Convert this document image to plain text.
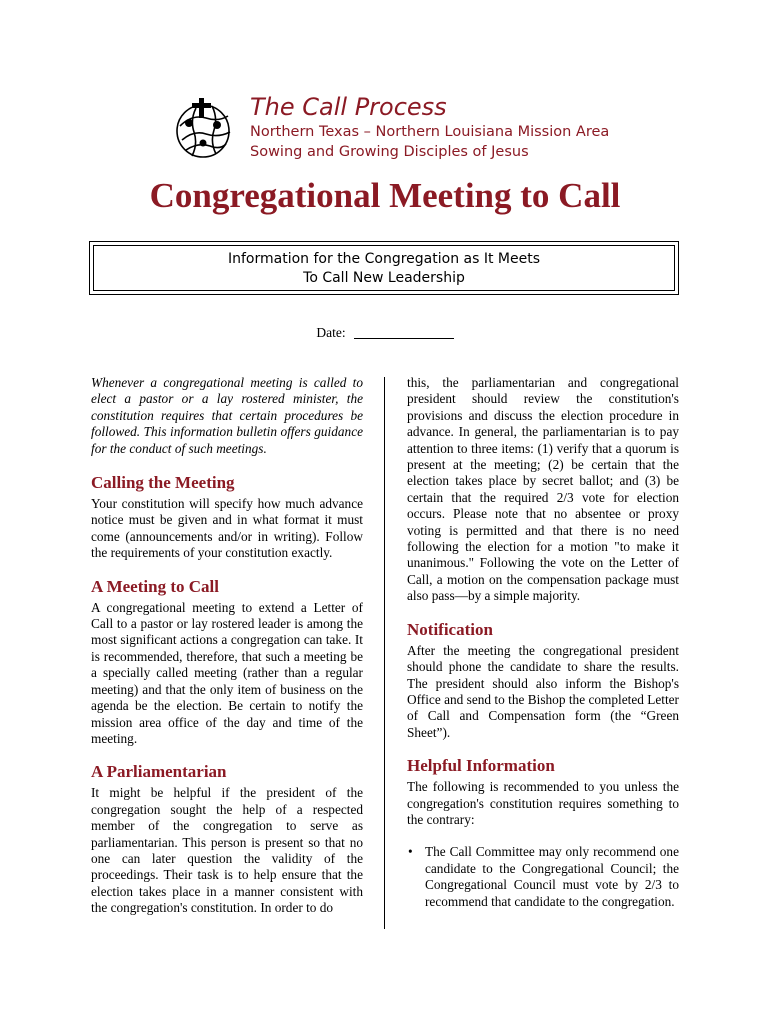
The Call Process
Northern Texas – Northern Louisiana Mission Area
Sowing and Growing Disciples of Jesus
Congregational Meeting to Call
Information for the Congregation as It Meets
To Call New Leadership
Date:

Whenever a congregational meeting is called to elect a pastor or a lay rostered minister, the constitution requires that certain procedures be followed. This information bulletin offers guidance for the conduct of such meetings.

Calling the Meeting

Your constitution will specify how much advance notice must be given and in what format it must come (announcements and/or in writing). Follow the requirements of your constitution exactly.

A Meeting to Call

A congregational meeting to extend a Letter of Call to a pastor or lay rostered leader is among the most significant actions a congregation can take. It is recommended, therefore, that such a meeting be a specially called meeting (rather than a regular meeting) and that the only item of business on the agenda be the election. Be certain to notify the mission area office of the day and time of the meeting.

A Parliamentarian

It might be helpful if the president of the congregation sought the help of a respected member of the congregation to serve as parliamentarian. This person is present so that no one can later question the validity of the proceedings. Their task is to help ensure that the election takes place in a manner consistent with the congregation's constitution. In order to do

this, the parliamentarian and congregational president should review the constitution's provisions and discuss the election procedure in advance. In general, the parliamentarian is to pay attention to three items: (1) verify that a quorum is present at the meeting; (2) be certain that the election takes place by secret ballot; and (3) be certain that the required 2/3 vote for election occurs. Please note that no absentee or proxy voting is permitted and that there is no need following the election for a motion "to make it unanimous." Following the vote on the Letter of Call, a motion on the compensation package must also pass—by a simple majority.

Notification

After the meeting the congregational president should phone the candidate to share the results. The president should also inform the Bishop's Office and send to the Bishop the completed Letter of Call and Compensation form (the “Green Sheet”).

Helpful Information

The following is recommended to you unless the congregation's constitution requires something to the contrary:

• The Call Committee may only recommend one candidate to the Congregational Council; the Congregational Council must vote by 2/3 to recommend that candidate to the congregation.
